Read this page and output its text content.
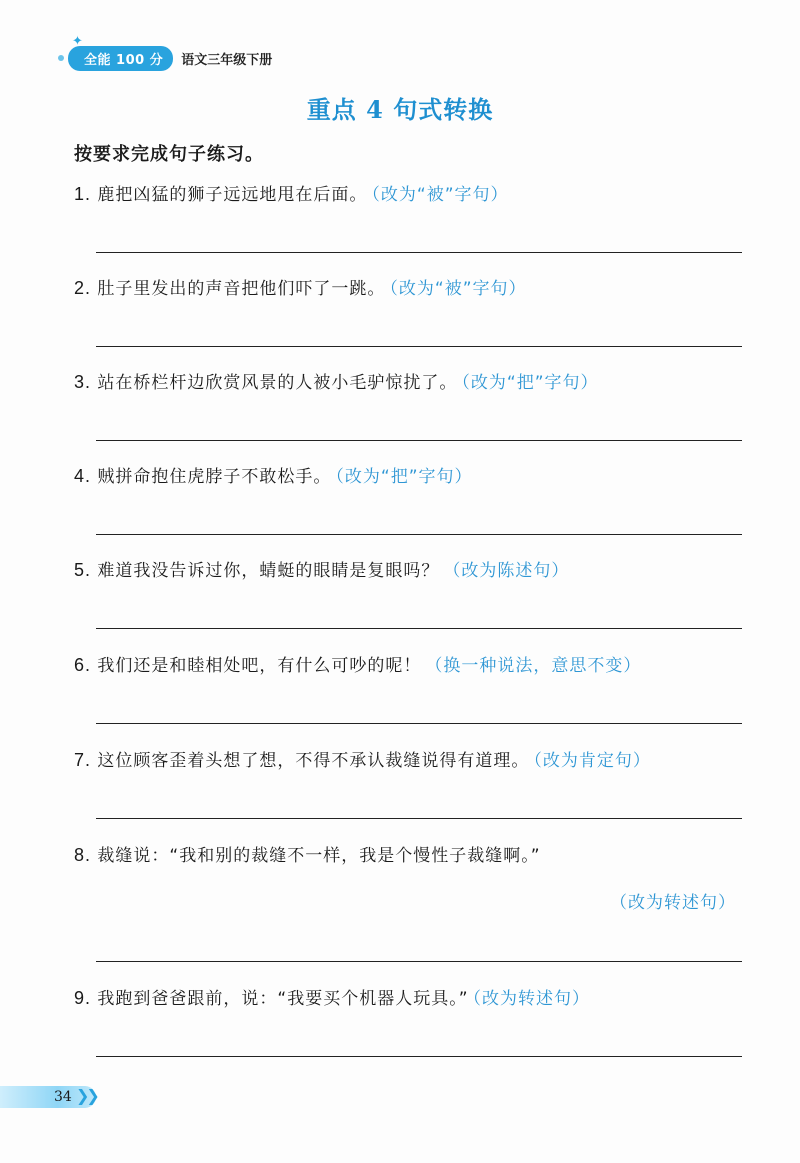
✦
全能 100 分	语文三年级下册
重点 4 句式转换
按要求完成句子练习。
1. 鹿把凶猛的狮子远远地甩在后面。 （改为“被”字句）
2. 肚子里发出的声音把他们吓了一跳。 （改为“被”字句）
3. 站在桥栏杆边欣赏风景的人被小毛驴惊扰了。 （改为“把”字句）
4. 贼拼命抱住虎脖子不敢松手。 （改为“把”字句）
5. 难道我没告诉过你，蜻蜓的眼睛是复眼吗？ （改为陈述句）
6. 我们还是和睦相处吧，有什么可吵的呢！ （换一种说法，意思不变）
7. 这位顾客歪着头想了想，不得不承认裁缝说得有道理。 （改为肯定句）
8. 裁缝说：“我和别的裁缝不一样，我是个慢性子裁缝啊。”
（改为转述句）
9. 我跑到爸爸跟前，说：“我要买个机器人玩具。” （改为转述句）
34 ❯❯
